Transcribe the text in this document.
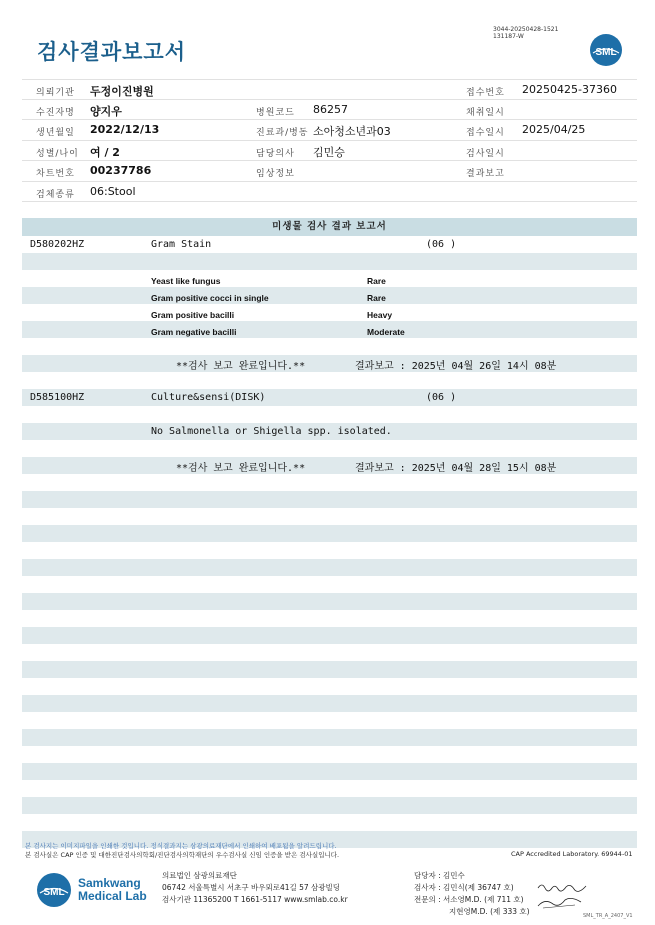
검사결과보고서
3044-20250428-1521
131187-W
SML
의뢰기관 두정이진병원	접수번호 20250425-37360
수진자명 양지우	병원코드 86257	채취일시
생년월일 2022/12/13	진료과/병동 소아청소년과03	접수일시 2025/04/25
성별/나이 여 / 2	담당의사 김민승	검사일시
차트번호 00237786	임상정보	결과보고
검체종류 06:Stool
미생물 검사 결과 보고서
D580202HZ	Gram Stain	(06 )
Yeast like fungus	Rare
Gram positive cocci in single	Rare
Gram positive bacilli	Heavy
Gram negative bacilli	Moderate
**검사 보고 완료입니다.**	결과보고 : 2025년 04월 26일 14시 08분
D585100HZ	Culture&sensi(DISK)	(06 )
No Salmonella or Shigella spp. isolated.
**검사 보고 완료입니다.**	결과보고 : 2025년 04월 28일 15시 08분
본 검사지는 이미지파일을 인쇄한 것입니다. 정식결과지는 삼광의료재단에서 인쇄하여 배포됨을 알려드립니다.
본 검사실은 CAP 인증 및 대한진단검사의학회/진단검사의학재단의 우수검사실 신임 인증을 받은 검사실입니다.	CAP Accredited Laboratory. 69944-01
SML
Samkwang
Medical Lab
의료법인 삼광의료재단
06742 서울특별시 서초구 바우뫼로41길 57 삼광빌딩
검사기관 11365200 T 1661-5117 www.smlab.co.kr
담당자 : 김민수
검사자 : 김민식(제 36747 호)
전문의 : 서소영M.D. (제 711 호)
지현영M.D. (제 333 호)	SML_TR_A_2407_V1
